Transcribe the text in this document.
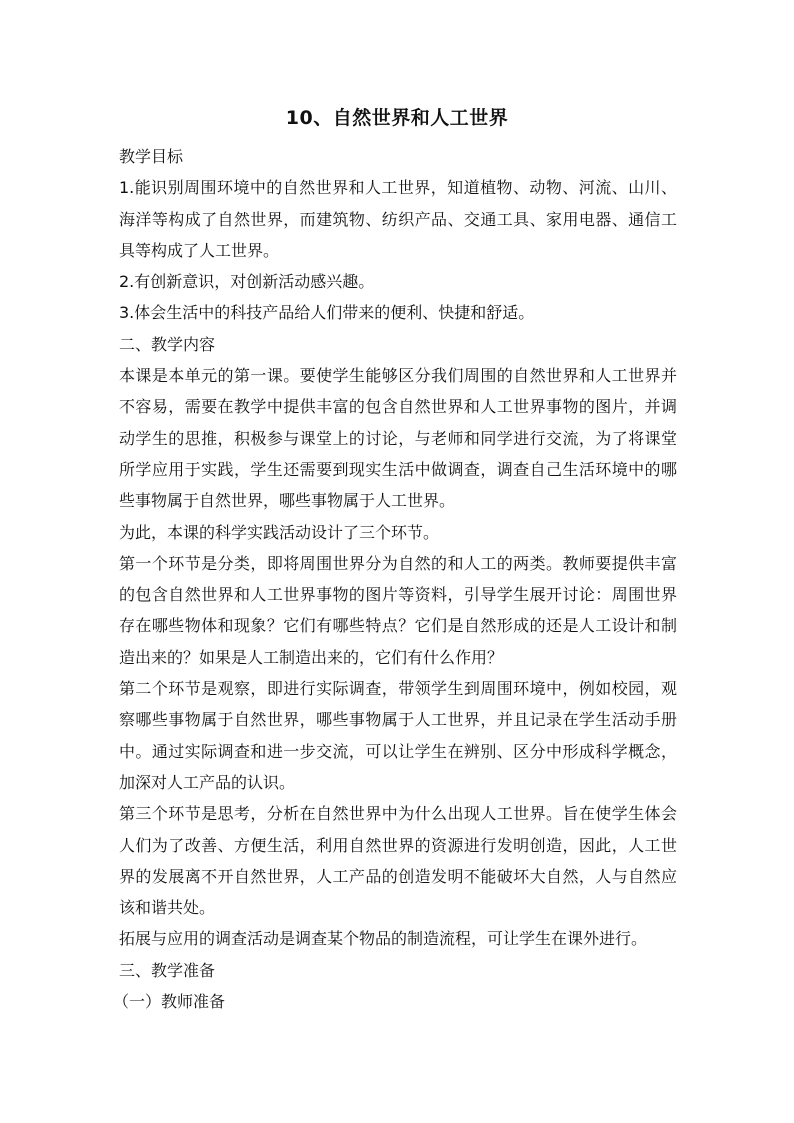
10、自然世界和人工世界

教学目标

1.能识别周围环境中的自然世界和人工世界，知道植物、动物、河流、山川、海洋等构成了自然世界，而建筑物、纺织产品、交通工具、家用电器、通信工具等构成了人工世界。

2.有创新意识，对创新活动感兴趣。

3.体会生活中的科技产品给人们带来的便利、快捷和舒适。

二、教学内容

本课是本单元的第一课。要使学生能够区分我们周围的自然世界和人工世界并不容易，需要在教学中提供丰富的包含自然世界和人工世界事物的图片，并调动学生的思推，积极参与课堂上的讨论，与老师和同学进行交流，为了将课堂所学应用于实践，学生还需要到现实生活中做调查，调查自己生活环境中的哪些事物属于自然世界，哪些事物属于人工世界。

为此，本课的科学实践活动设计了三个环节。

第一个环节是分类，即将周围世界分为自然的和人工的两类。教师要提供丰富的包含自然世界和人工世界事物的图片等资料，引导学生展开讨论：周围世界存在哪些物体和现象？它们有哪些特点？它们是自然形成的还是人工设计和制造出来的？如果是人工制造出来的，它们有什么作用？

第二个环节是观察，即进行实际调查，带领学生到周围环境中，例如校园，观察哪些事物属于自然世界，哪些事物属于人工世界，并且记录在学生活动手册中。通过实际调查和进一步交流，可以让学生在辨别、区分中形成科学概念，加深对人工产品的认识。

第三个环节是思考，分析在自然世界中为什么出现人工世界。旨在使学生体会人们为了改善、方便生活，利用自然世界的资源进行发明创造，因此，人工世界的发展离不开自然世界，人工产品的创造发明不能破坏大自然，人与自然应该和谐共处。

拓展与应用的调查活动是调查某个物品的制造流程，可让学生在课外进行。

三、教学准备

（一）教师准备
